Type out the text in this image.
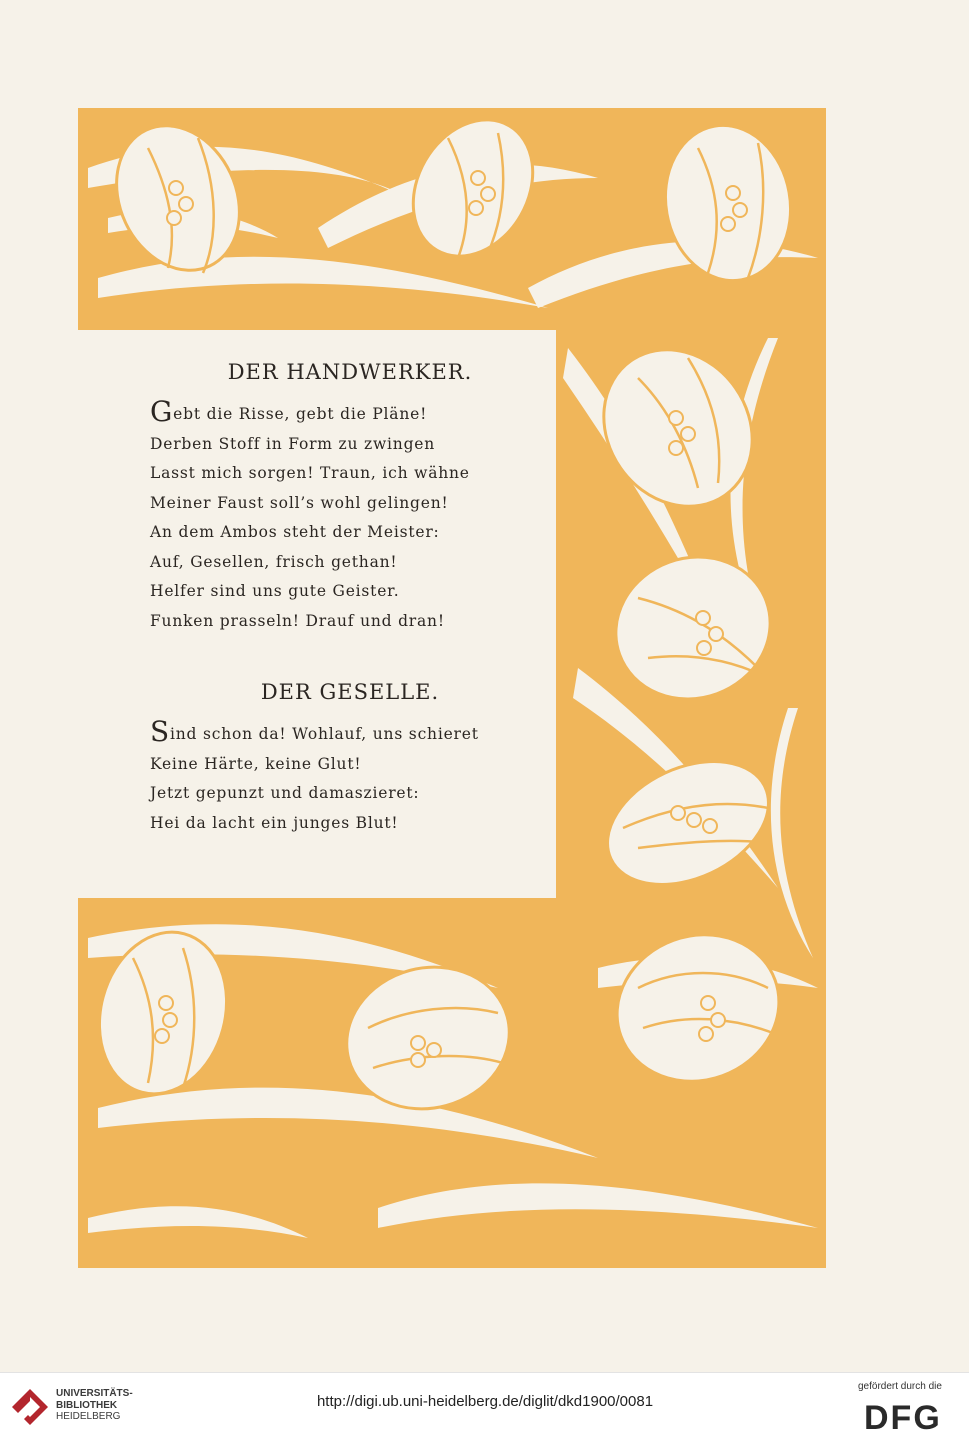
DER HANDWERKER.
Gebt die Risse, gebt die Pläne!
Derben Stoff in Form zu zwingen
Lasst mich sorgen! Traun, ich wähne
Meiner Faust soll’s wohl gelingen!
An dem Ambos steht der Meister:
Auf, Gesellen, frisch gethan!
Helfer sind uns gute Geister.
Funken prasseln! Drauf und dran!
DER GESELLE.
Sind schon da! Wohlauf, uns schieret
Keine Härte, keine Glut!
Jetzt gepunzt und damaszieret:
Hei da lacht ein junges Blut!
UNIVERSITÄTS-
BIBLIOTHEK
HEIDELBERG
http://digi.ub.uni-heidelberg.de/diglit/dkd1900/0081
gefördert durch die
DFG
